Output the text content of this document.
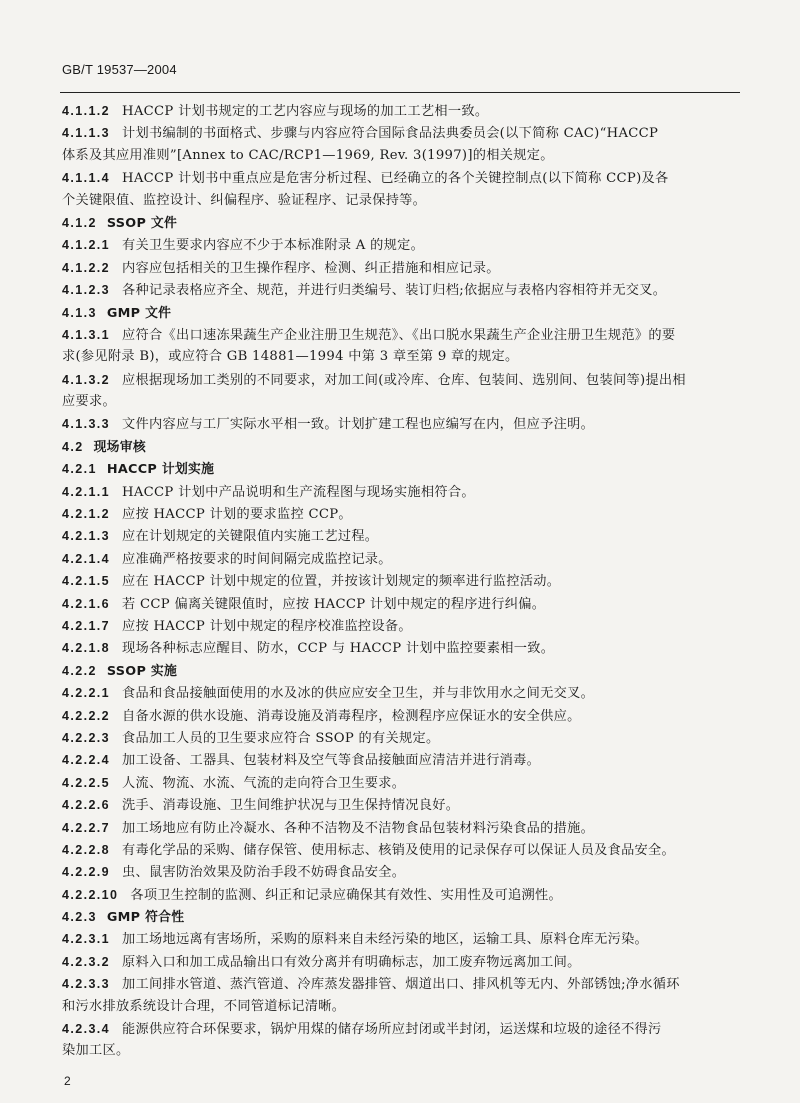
GB/T 19537—2004
4.1.1.2 HACCP 计划书规定的工艺内容应与现场的加工工艺相一致。
4.1.1.3 计划书编制的书面格式、步骤与内容应符合国际食品法典委员会(以下简称 CAC)“HACCP
体系及其应用准则”[Annex to CAC/RCP1—1969, Rev. 3(1997)]的相关规定。
4.1.1.4 HACCP 计划书中重点应是危害分析过程、已经确立的各个关键控制点(以下简称 CCP)及各
个关键限值、监控设计、纠偏程序、验证程序、记录保持等。
4.1.2 SSOP 文件
4.1.2.1 有关卫生要求内容应不少于本标准附录 A 的规定。
4.1.2.2 内容应包括相关的卫生操作程序、检测、纠正措施和相应记录。
4.1.2.3 各种记录表格应齐全、规范，并进行归类编号、装订归档;依据应与表格内容相符并无交叉。
4.1.3 GMP 文件
4.1.3.1 应符合《出口速冻果蔬生产企业注册卫生规范》、《出口脱水果蔬生产企业注册卫生规范》的要
求(参见附录 B)，或应符合 GB 14881—1994 中第 3 章至第 9 章的规定。
4.1.3.2 应根据现场加工类别的不同要求，对加工间(或冷库、仓库、包装间、选别间、包装间等)提出相
应要求。
4.1.3.3 文件内容应与工厂实际水平相一致。计划扩建工程也应编写在内，但应予注明。
4.2 现场审核
4.2.1 HACCP 计划实施
4.2.1.1 HACCP 计划中产品说明和生产流程图与现场实施相符合。
4.2.1.2 应按 HACCP 计划的要求监控 CCP。
4.2.1.3 应在计划规定的关键限值内实施工艺过程。
4.2.1.4 应准确严格按要求的时间间隔完成监控记录。
4.2.1.5 应在 HACCP 计划中规定的位置，并按该计划规定的频率进行监控活动。
4.2.1.6 若 CCP 偏离关键限值时，应按 HACCP 计划中规定的程序进行纠偏。
4.2.1.7 应按 HACCP 计划中规定的程序校准监控设备。
4.2.1.8 现场各种标志应醒目、防水，CCP 与 HACCP 计划中监控要素相一致。
4.2.2 SSOP 实施
4.2.2.1 食品和食品接触面使用的水及冰的供应应安全卫生，并与非饮用水之间无交叉。
4.2.2.2 自备水源的供水设施、消毒设施及消毒程序，检测程序应保证水的安全供应。
4.2.2.3 食品加工人员的卫生要求应符合 SSOP 的有关规定。
4.2.2.4 加工设备、工器具、包装材料及空气等食品接触面应清洁并进行消毒。
4.2.2.5 人流、物流、水流、气流的走向符合卫生要求。
4.2.2.6 洗手、消毒设施、卫生间维护状况与卫生保持情况良好。
4.2.2.7 加工场地应有防止冷凝水、各种不洁物及不洁物食品包装材料污染食品的措施。
4.2.2.8 有毒化学品的采购、储存保管、使用标志、核销及使用的记录保存可以保证人员及食品安全。
4.2.2.9 虫、鼠害防治效果及防治手段不妨碍食品安全。
4.2.2.10 各项卫生控制的监测、纠正和记录应确保其有效性、实用性及可追溯性。
4.2.3 GMP 符合性
4.2.3.1 加工场地远离有害场所，采购的原料来自未经污染的地区，运输工具、原料仓库无污染。
4.2.3.2 原料入口和加工成品输出口有效分离并有明确标志，加工废弃物远离加工间。
4.2.3.3 加工间排水管道、蒸汽管道、冷库蒸发器排管、烟道出口、排风机等无内、外部锈蚀;净水循环
和污水排放系统设计合理，不同管道标记清晰。
4.2.3.4 能源供应符合环保要求，锅炉用煤的储存场所应封闭或半封闭，运送煤和垃圾的途径不得污
染加工区。
2
